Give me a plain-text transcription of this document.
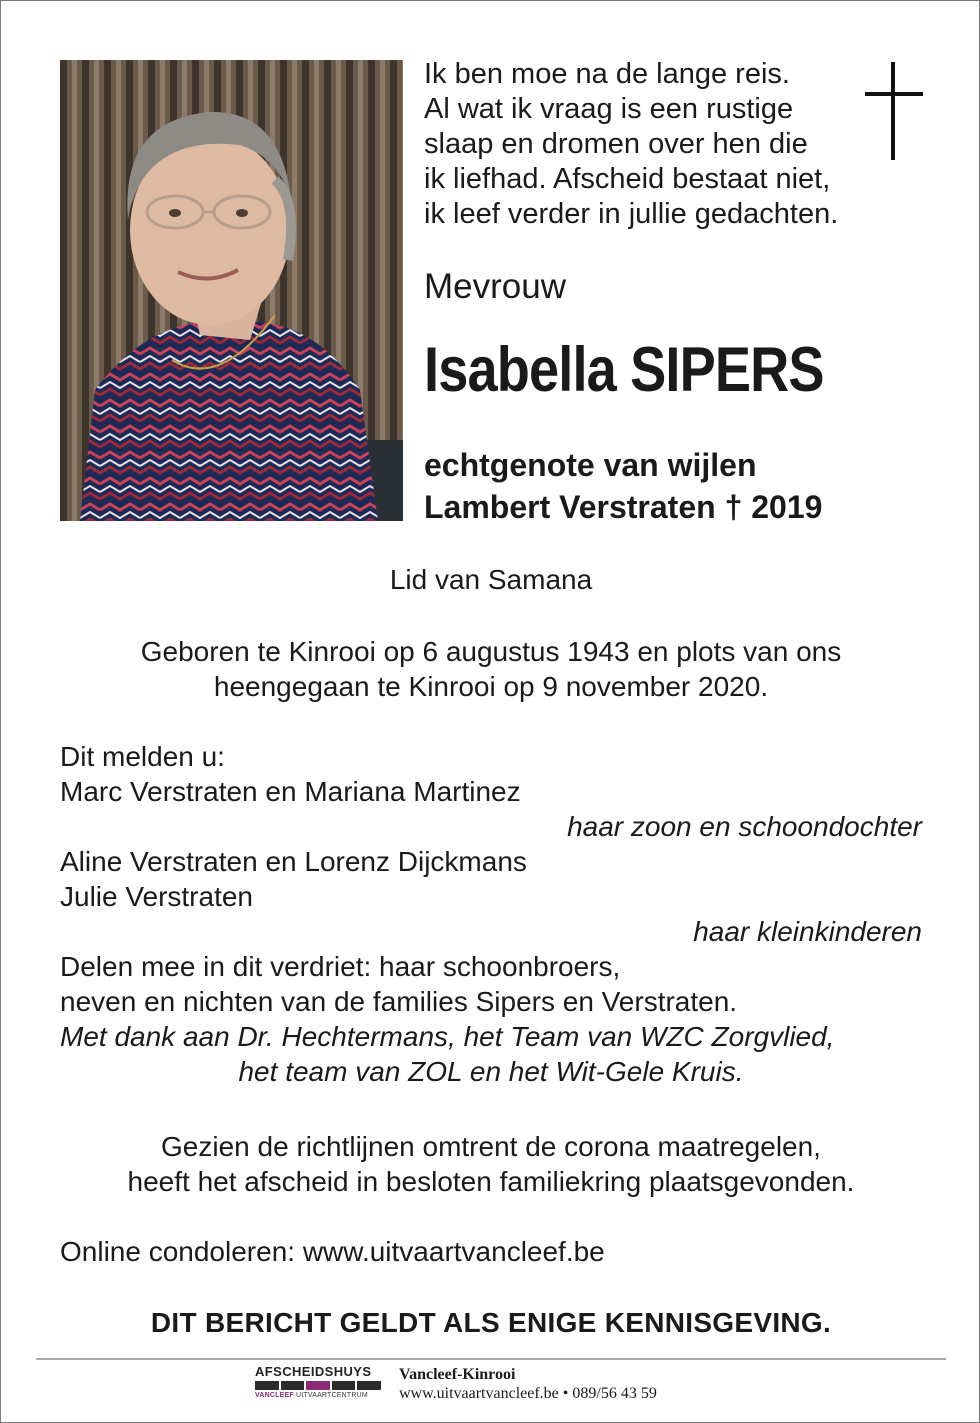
Ik ben moe na de lange reis.
Al wat ik vraag is een rustige
slaap en dromen over hen die
ik liefhad. Afscheid bestaat niet,
ik leef verder in jullie gedachten.
Mevrouw
Isabella SIPERS
echtgenote van wijlen
Lambert Verstraten † 2019
Lid van Samana
Geboren te Kinrooi op 6 augustus 1943 en plots van ons
heengegaan te Kinrooi op 9 november 2020.
Dit melden u:
Marc Verstraten en Mariana Martinez
haar zoon en schoondochter
Aline Verstraten en Lorenz Dijckmans
Julie Verstraten
haar kleinkinderen
Delen mee in dit verdriet: haar schoonbroers,
neven en nichten van de families Sipers en Verstraten.
Met dank aan Dr. Hechtermans, het Team van WZC Zorgvlied,
het team van ZOL en het Wit-Gele Kruis.
Gezien de richtlijnen omtrent de corona maatregelen,
heeft het afscheid in besloten familiekring plaatsgevonden.
Online condoleren: www.uitvaartvancleef.be
DIT BERICHT GELDT ALS ENIGE KENNISGEVING.
AFSCHEIDSHUYS
VANCLEEF UITVAARTCENTRUM
Vancleef-Kinrooi
www.uitvaartvancleef.be • 089/56 43 59
